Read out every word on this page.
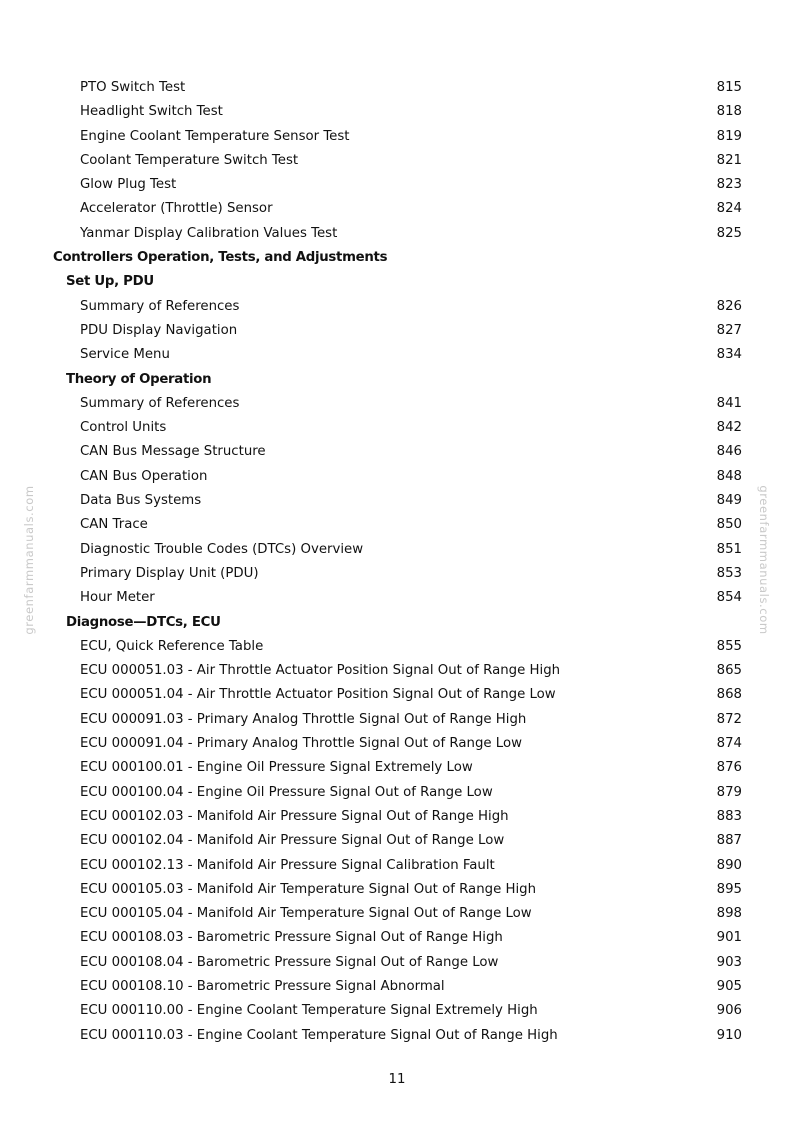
PTO Switch Test	815
Headlight Switch Test	818
Engine Coolant Temperature Sensor Test	819
Coolant Temperature Switch Test	821
Glow Plug Test	823
Accelerator (Throttle) Sensor	824
Yanmar Display Calibration Values Test	825
Controllers Operation, Tests, and Adjustments
Set Up, PDU
Summary of References	826
PDU Display Navigation	827
Service Menu	834
Theory of Operation
Summary of References	841
Control Units	842
CAN Bus Message Structure	846
CAN Bus Operation	848
Data Bus Systems	849
CAN Trace	850
Diagnostic Trouble Codes (DTCs) Overview	851
Primary Display Unit (PDU)	853
Hour Meter	854
Diagnose—DTCs, ECU
ECU, Quick Reference Table	855
ECU 000051.03 - Air Throttle Actuator Position Signal Out of Range High	865
ECU 000051.04 - Air Throttle Actuator Position Signal Out of Range Low	868
ECU 000091.03 - Primary Analog Throttle Signal Out of Range High	872
ECU 000091.04 - Primary Analog Throttle Signal Out of Range Low	874
ECU 000100.01 - Engine Oil Pressure Signal Extremely Low	876
ECU 000100.04 - Engine Oil Pressure Signal Out of Range Low	879
ECU 000102.03 - Manifold Air Pressure Signal Out of Range High	883
ECU 000102.04 - Manifold Air Pressure Signal Out of Range Low	887
ECU 000102.13 - Manifold Air Pressure Signal Calibration Fault	890
ECU 000105.03 - Manifold Air Temperature Signal Out of Range High	895
ECU 000105.04 - Manifold Air Temperature Signal Out of Range Low	898
ECU 000108.03 - Barometric Pressure Signal Out of Range High	901
ECU 000108.04 - Barometric Pressure Signal Out of Range Low	903
ECU 000108.10 - Barometric Pressure Signal Abnormal	905
ECU 000110.00 - Engine Coolant Temperature Signal Extremely High	906
ECU 000110.03 - Engine Coolant Temperature Signal Out of Range High	910
11
greenfarmmanuals.com	greenfarmmanuals.com
